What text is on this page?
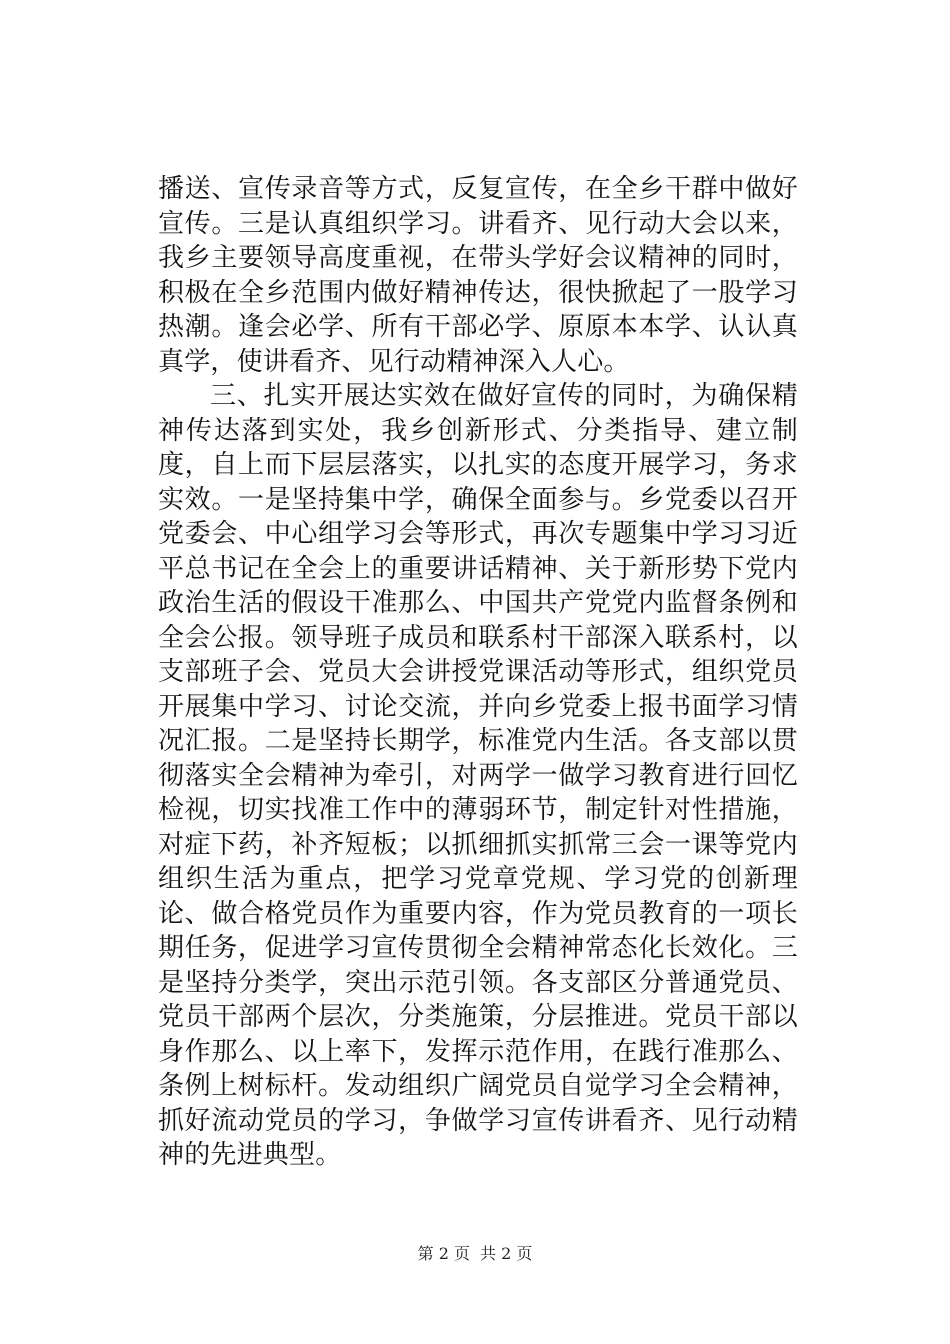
播送、宣传录音等方式，反复宣传，在全乡干群中做好宣传。三是认真组织学习。讲看齐、见行动大会以来，我乡主要领导高度重视，在带头学好会议精神的同时，积极在全乡范围内做好精神传达，很快掀起了一股学习热潮。逢会必学、所有干部必学、原原本本学、认认真真学，使讲看齐、见行动精神深入人心。

三、扎实开展达实效在做好宣传的同时，为确保精神传达落到实处，我乡创新形式、分类指导、建立制度，自上而下层层落实，以扎实的态度开展学习，务求实效。一是坚持集中学，确保全面参与。乡党委以召开党委会、中心组学习会等形式，再次专题集中学习习近平总书记在全会上的重要讲话精神、关于新形势下党内政治生活的假设干准那么、中国共产党党内监督条例和全会公报。领导班子成员和联系村干部深入联系村，以支部班子会、党员大会讲授党课活动等形式，组织党员开展集中学习、讨论交流，并向乡党委上报书面学习情况汇报。二是坚持长期学，标准党内生活。各支部以贯彻落实全会精神为牵引，对两学一做学习教育进行回忆检视，切实找准工作中的薄弱环节，制定针对性措施，对症下药，补齐短板；以抓细抓实抓常三会一课等党内组织生活为重点，把学习党章党规、学习党的创新理论、做合格党员作为重要内容，作为党员教育的一项长期任务，促进学习宣传贯彻全会精神常态化长效化。三是坚持分类学，突出示范引领。各支部区分普通党员、党员干部两个层次，分类施策，分层推进。党员干部以身作那么、以上率下，发挥示范作用，在践行准那么、条例上树标杆。发动组织广阔党员自觉学习全会精神，抓好流动党员的学习，争做学习宣传讲看齐、见行动精神的先进典型。

第 2 页 共 2 页
